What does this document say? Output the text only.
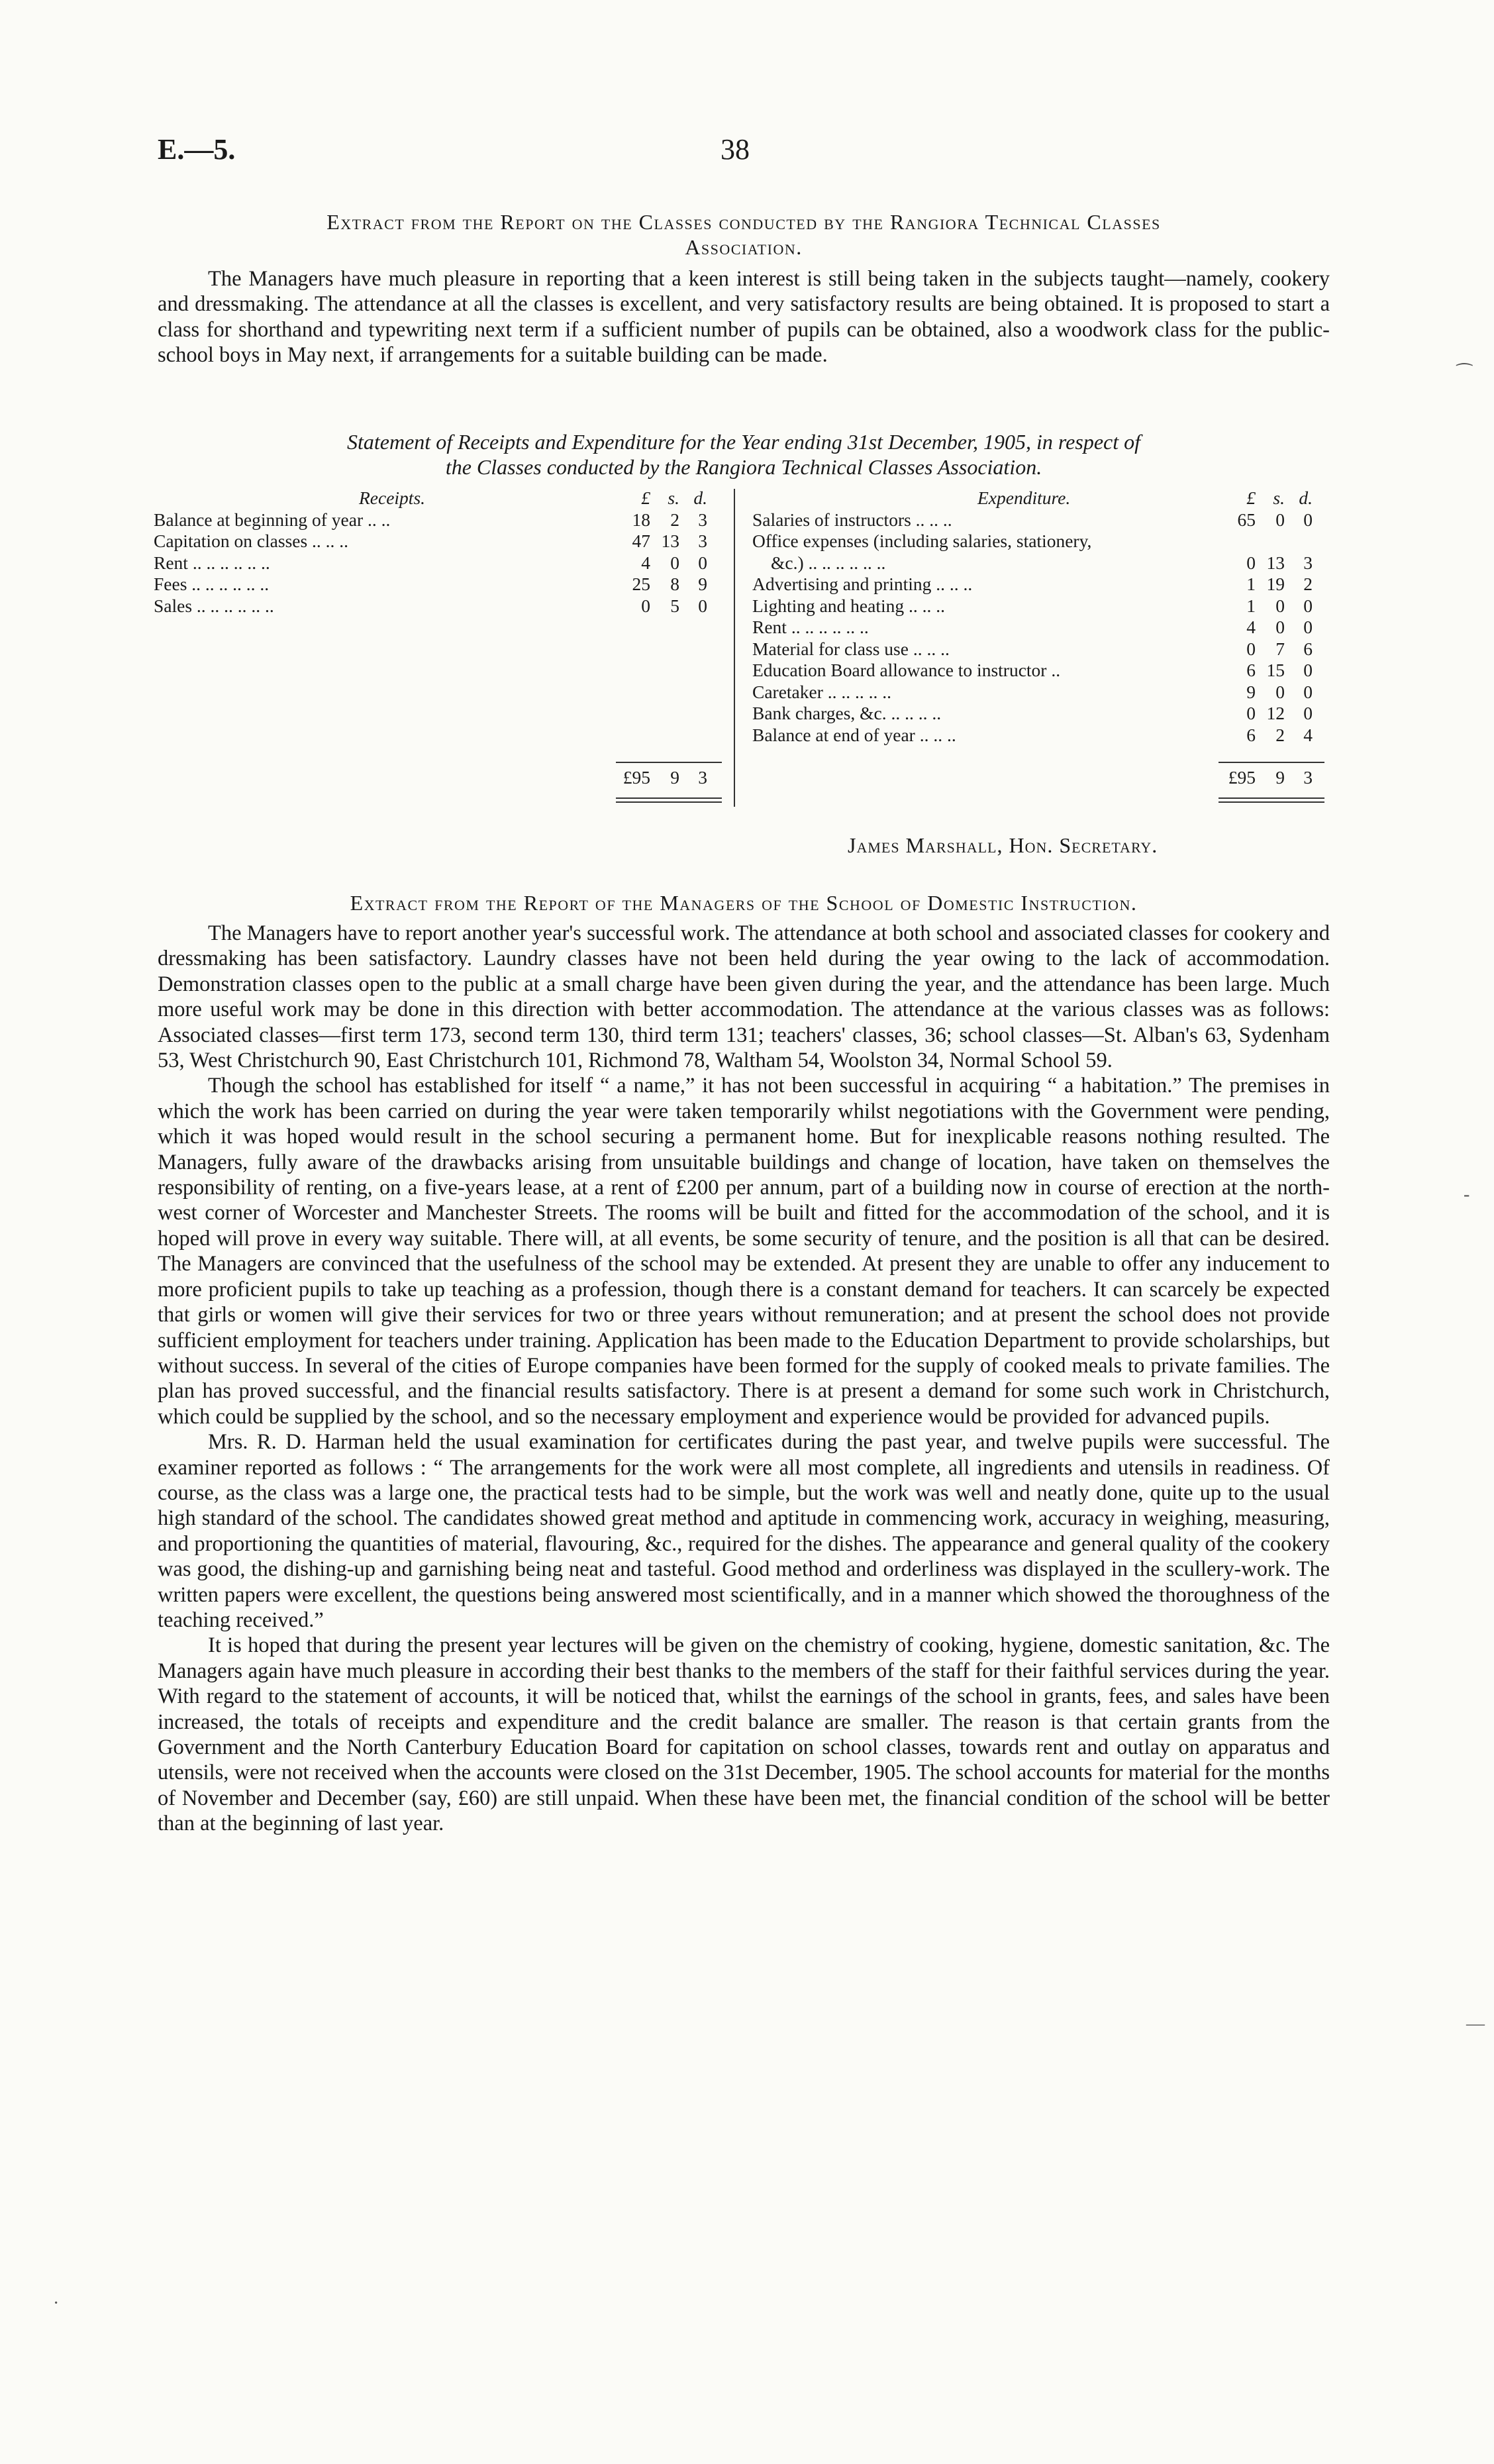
E.—5.	38
Extract from the Report on the Classes conducted by the Rangiora Technical Classes
Association.

The Managers have much pleasure in reporting that a keen interest is still being taken in the subjects taught—namely, cookery and dressmaking. The attendance at all the classes is excellent, and very satisfactory results are being obtained. It is proposed to start a class for shorthand and typewriting next term if a sufficient number of pupils can be obtained, also a woodwork class for the public-school boys in May next, if arrangements for a suitable building can be made.

Statement of Receipts and Expenditure for the Year ending 31st December, 1905, in respect of
the Classes conducted by the Rangiora Technical Classes Association.
Receipts.	£ s. d.
Balance at beginning of year .. ..	18	2	3
Capitation on classes .. .. ..	47 13	3
Rent .. .. .. .. .. ..	4	0	0
Fees .. .. .. .. .. ..	25	8	9
Sales .. .. .. .. .. ..	0	5	0
Expenditure.	£ s. d.
Salaries of instructors .. .. ..	65	0	0
Office expenses (including salaries, stationery,
&c.) .. .. .. .. .. ..	0 13	3
Advertising and printing .. .. ..	1 19	2
Lighting and heating .. .. ..	1	0	0
Rent .. .. .. .. .. ..	4	0	0
Material for class use .. .. ..	0	7	6
Education Board allowance to instructor ..	6 15	0
Caretaker .. .. .. .. ..	9	0	0
Bank charges, &c. .. .. .. ..	0 12	0
Balance at end of year .. .. ..	6	2	4
£95	9	3	£95	9	3
James Marshall, Hon. Secretary.
Extract from the Report of the Managers of the School of Domestic Instruction.

The Managers have to report another year's successful work. The attendance at both school and associated classes for cookery and dressmaking has been satisfactory. Laundry classes have not been held during the year owing to the lack of accommodation. Demonstration classes open to the public at a small charge have been given during the year, and the attendance has been large. Much more useful work may be done in this direction with better accommodation. The attendance at the various classes was as follows: Associated classes—first term 173, second term 130, third term 131; teachers' classes, 36; school classes—St. Alban's 63, Sydenham 53, West Christchurch 90, East Christchurch 101, Richmond 78, Waltham 54, Woolston 34, Normal School 59.

Though the school has established for itself “ a name,” it has not been successful in acquiring “ a habitation.” The premises in which the work has been carried on during the year were taken temporarily whilst negotiations with the Government were pending, which it was hoped would result in the school securing a permanent home. But for inexplicable reasons nothing resulted. The Managers, fully aware of the drawbacks arising from unsuitable buildings and change of location, have taken on themselves the responsibility of renting, on a five-years lease, at a rent of £200 per annum, part of a building now in course of erection at the north-west corner of Worcester and Manchester Streets. The rooms will be built and fitted for the accommodation of the school, and it is hoped will prove in every way suitable. There will, at all events, be some security of tenure, and the position is all that can be desired. The Managers are convinced that the usefulness of the school may be extended. At present they are unable to offer any inducement to more proficient pupils to take up teaching as a profession, though there is a constant demand for teachers. It can scarcely be expected that girls or women will give their services for two or three years without remuneration; and at present the school does not provide sufficient employment for teachers under training. Application has been made to the Education Department to provide scholarships, but without success. In several of the cities of Europe companies have been formed for the supply of cooked meals to private families. The plan has proved successful, and the financial results satisfactory. There is at present a demand for some such work in Christchurch, which could be supplied by the school, and so the necessary employment and experience would be provided for advanced pupils.

Mrs. R. D. Harman held the usual examination for certificates during the past year, and twelve pupils were successful. The examiner reported as follows : “ The arrangements for the work were all most complete, all ingredients and utensils in readiness. Of course, as the class was a large one, the practical tests had to be simple, but the work was well and neatly done, quite up to the usual high standard of the school. The candidates showed great method and aptitude in commencing work, accuracy in weighing, measuring, and proportioning the quantities of material, flavouring, &c., required for the dishes. The appearance and general quality of the cookery was good, the dishing-up and garnishing being neat and tasteful. Good method and orderliness was displayed in the scullery-work. The written papers were excellent, the questions being answered most scientifically, and in a manner which showed the thoroughness of the teaching received.”

It is hoped that during the present year lectures will be given on the chemistry of cooking, hygiene, domestic sanitation, &c. The Managers again have much pleasure in according their best thanks to the members of the staff for their faithful services during the year. With regard to the statement of accounts, it will be noticed that, whilst the earnings of the school in grants, fees, and sales have been increased, the totals of receipts and expenditure and the credit balance are smaller. The reason is that certain grants from the Government and the North Canterbury Education Board for capitation on school classes, towards rent and outlay on apparatus and utensils, were not received when the accounts were closed on the 31st December, 1905. The school accounts for material for the months of November and December (say, £60) are still unpaid. When these have been met, the financial condition of the school will be better than at the beginning of last year.

⁀
‐
—
·
